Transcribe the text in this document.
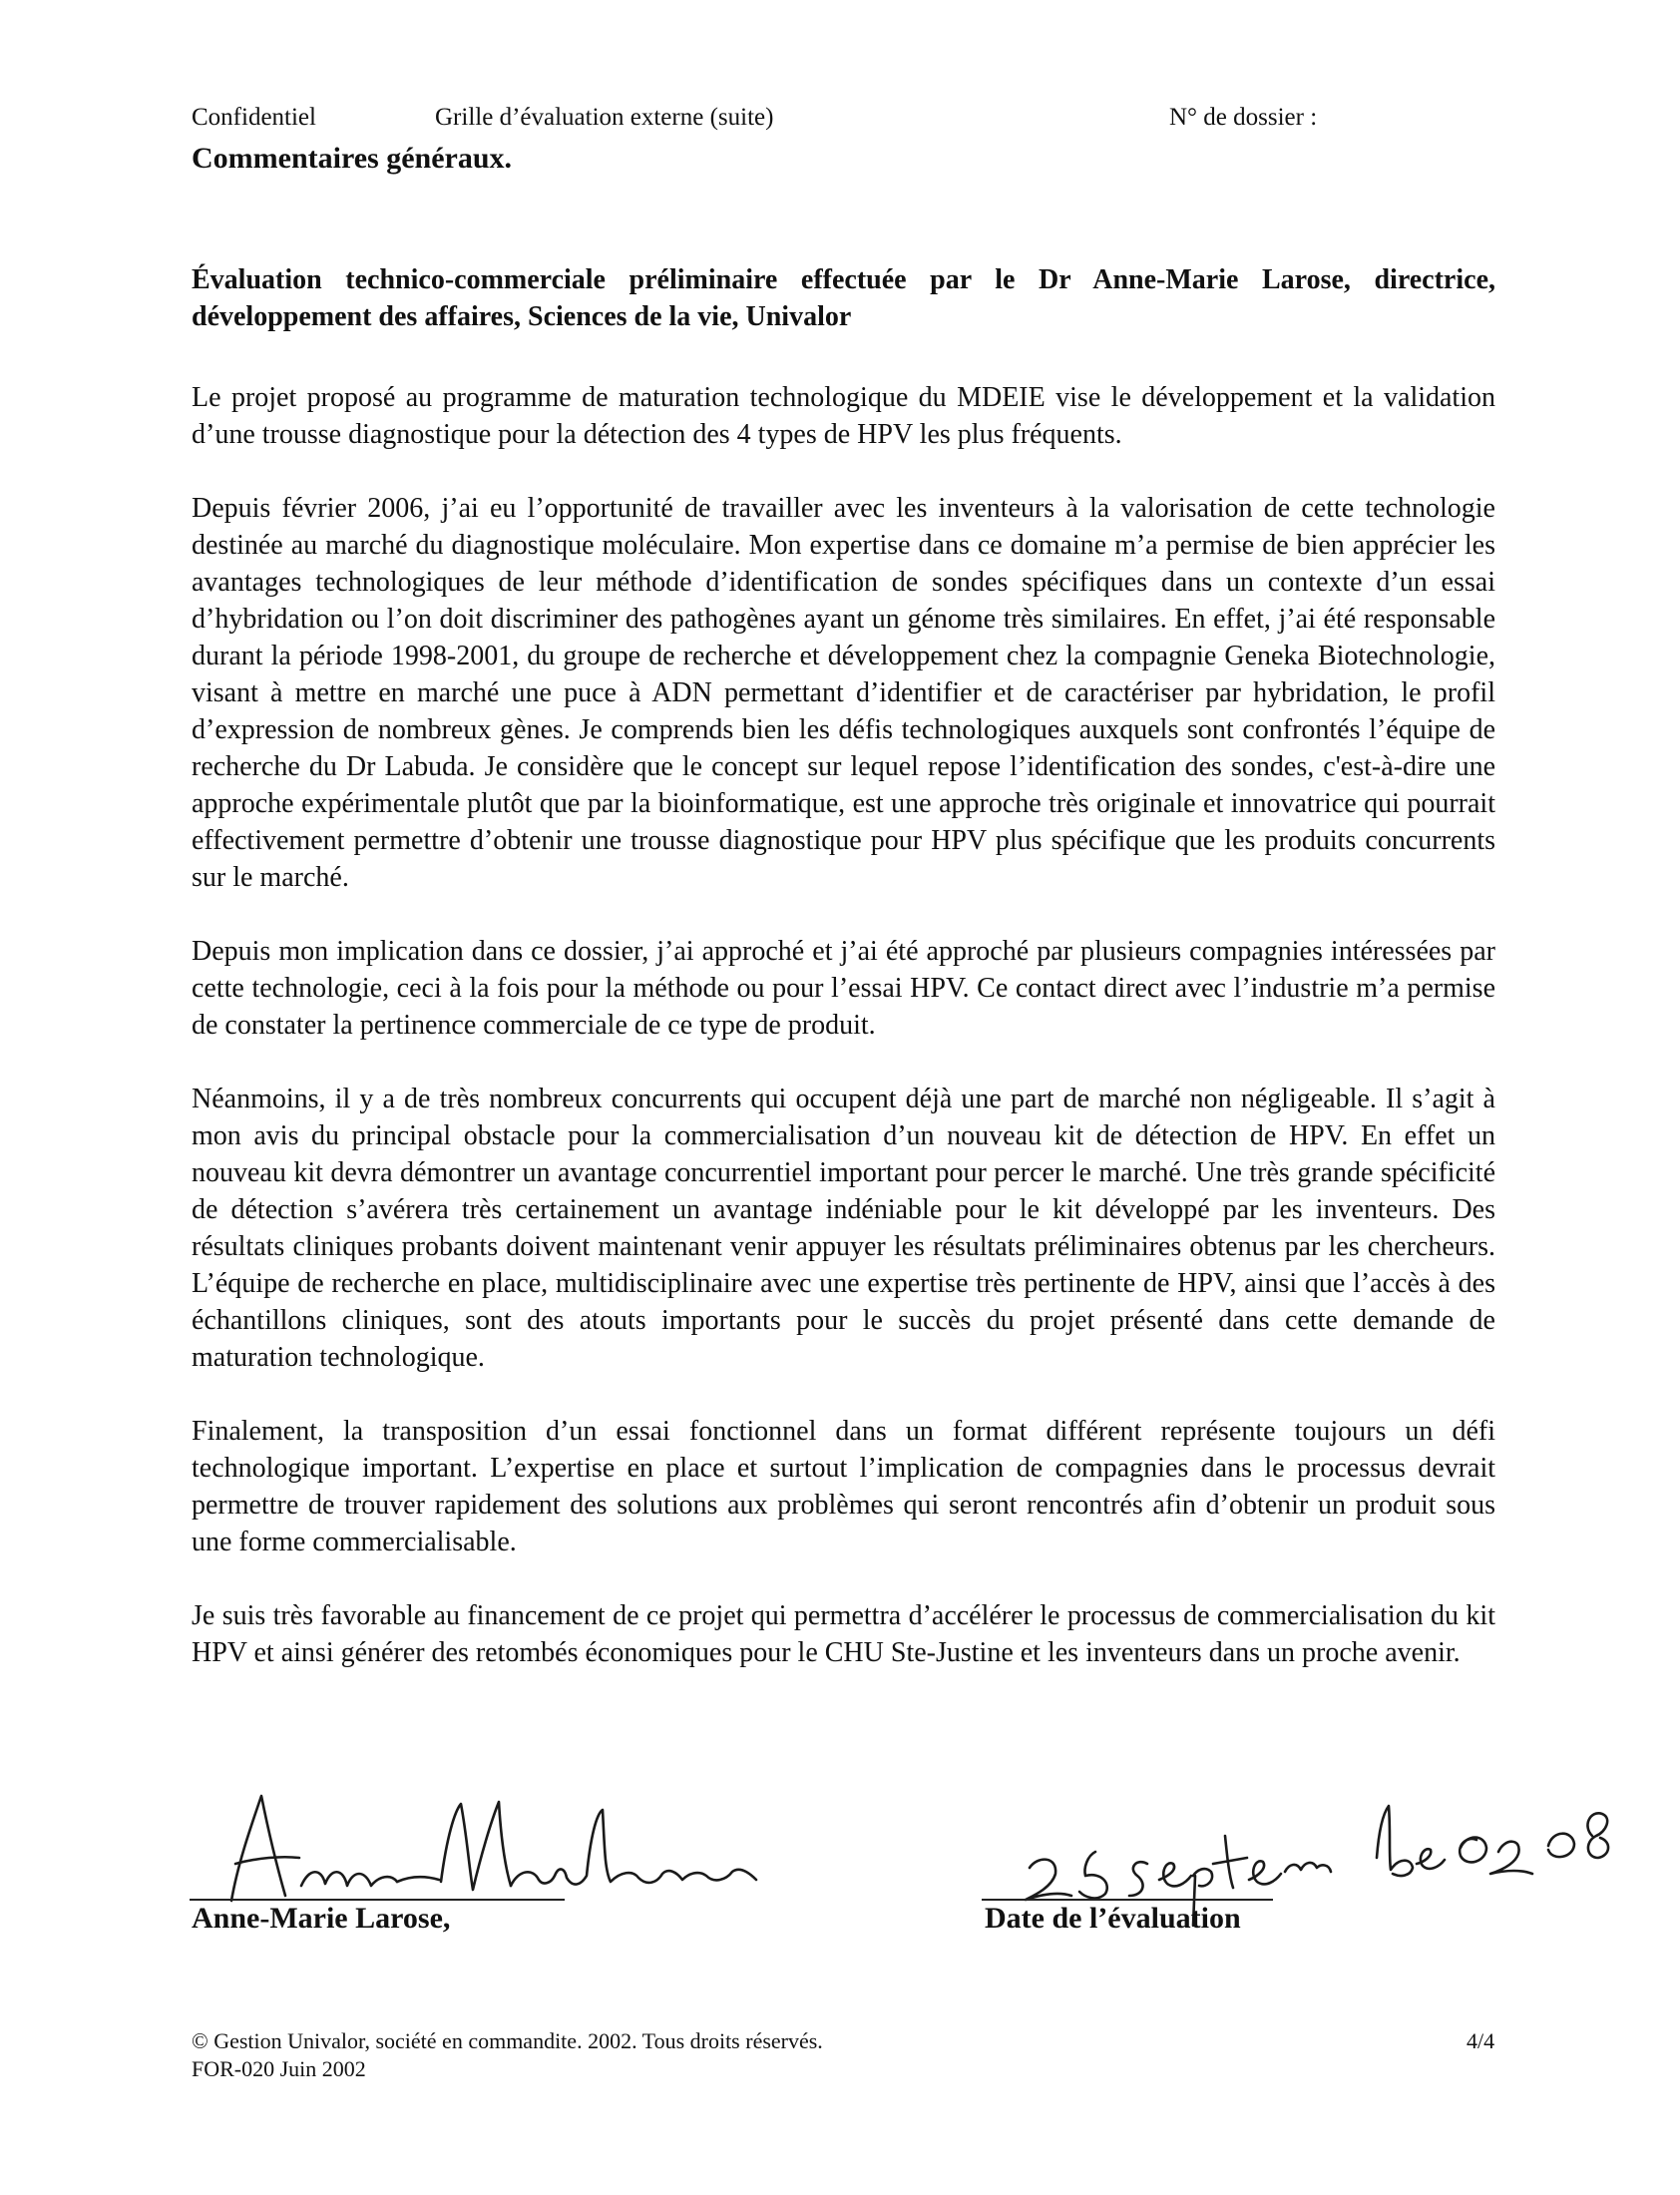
Confidentiel	Grille d’évaluation externe (suite)	N° de dossier :
Commentaires généraux.

Évaluation technico-commerciale préliminaire effectuée par le Dr Anne-Marie Larose, directrice, développement des affaires, Sciences de la vie, Univalor

Le projet proposé au programme de maturation technologique du MDEIE vise le développement et la validation d’une trousse diagnostique pour la détection des 4 types de HPV les plus fréquents.

Depuis février 2006, j’ai eu l’opportunité de travailler avec les inventeurs à la valorisation de cette technologie destinée au marché du diagnostique moléculaire. Mon expertise dans ce domaine m’a permise de bien apprécier les avantages technologiques de leur méthode d’identification de sondes spécifiques dans un contexte d’un essai d’hybridation ou l’on doit discriminer des pathogènes ayant un génome très similaires. En effet, j’ai été responsable durant la période 1998-2001, du groupe de recherche et développement chez la compagnie Geneka Biotechnologie, visant à mettre en marché une puce à ADN permettant d’identifier et de caractériser par hybridation, le profil d’expression de nombreux gènes. Je comprends bien les défis technologiques auxquels sont confrontés l’équipe de recherche du Dr Labuda. Je considère que le concept sur lequel repose l’identification des sondes, c'est-à-dire une approche expérimentale plutôt que par la bioinformatique, est une approche très originale et innovatrice qui pourrait effectivement permettre d’obtenir une trousse diagnostique pour HPV plus spécifique que les produits concurrents sur le marché.

Depuis mon implication dans ce dossier, j’ai approché et j’ai été approché par plusieurs compagnies intéressées par cette technologie, ceci à la fois pour la méthode ou pour l’essai HPV. Ce contact direct avec l’industrie m’a permise de constater la pertinence commerciale de ce type de produit.

Néanmoins, il y a de très nombreux concurrents qui occupent déjà une part de marché non négligeable. Il s’agit à mon avis du principal obstacle pour la commercialisation d’un nouveau kit de détection de HPV. En effet un nouveau kit devra démontrer un avantage concurrentiel important pour percer le marché. Une très grande spécificité de détection s’avérera très certainement un avantage indéniable pour le kit développé par les inventeurs. Des résultats cliniques probants doivent maintenant venir appuyer les résultats préliminaires obtenus par les chercheurs. L’équipe de recherche en place, multidisciplinaire avec une expertise très pertinente de HPV, ainsi que l’accès à des échantillons cliniques, sont des atouts importants pour le succès du projet présenté dans cette demande de maturation technologique.

Finalement, la transposition d’un essai fonctionnel dans un format différent représente toujours un défi technologique important. L’expertise en place et surtout l’implication de compagnies dans le processus devrait permettre de trouver rapidement des solutions aux problèmes qui seront rencontrés afin d’obtenir un produit sous une forme commercialisable.

Je suis très favorable au financement de ce projet qui permettra d’accélérer le processus de commercialisation du kit HPV et ainsi générer des retombés économiques pour le CHU Ste-Justine et les inventeurs dans un proche avenir.

Anne-Marie Larose,	Date de l’évaluation
© Gestion Univalor, société en commandite. 2002. Tous droits réservés.
FOR-020 Juin 2002
4/4
